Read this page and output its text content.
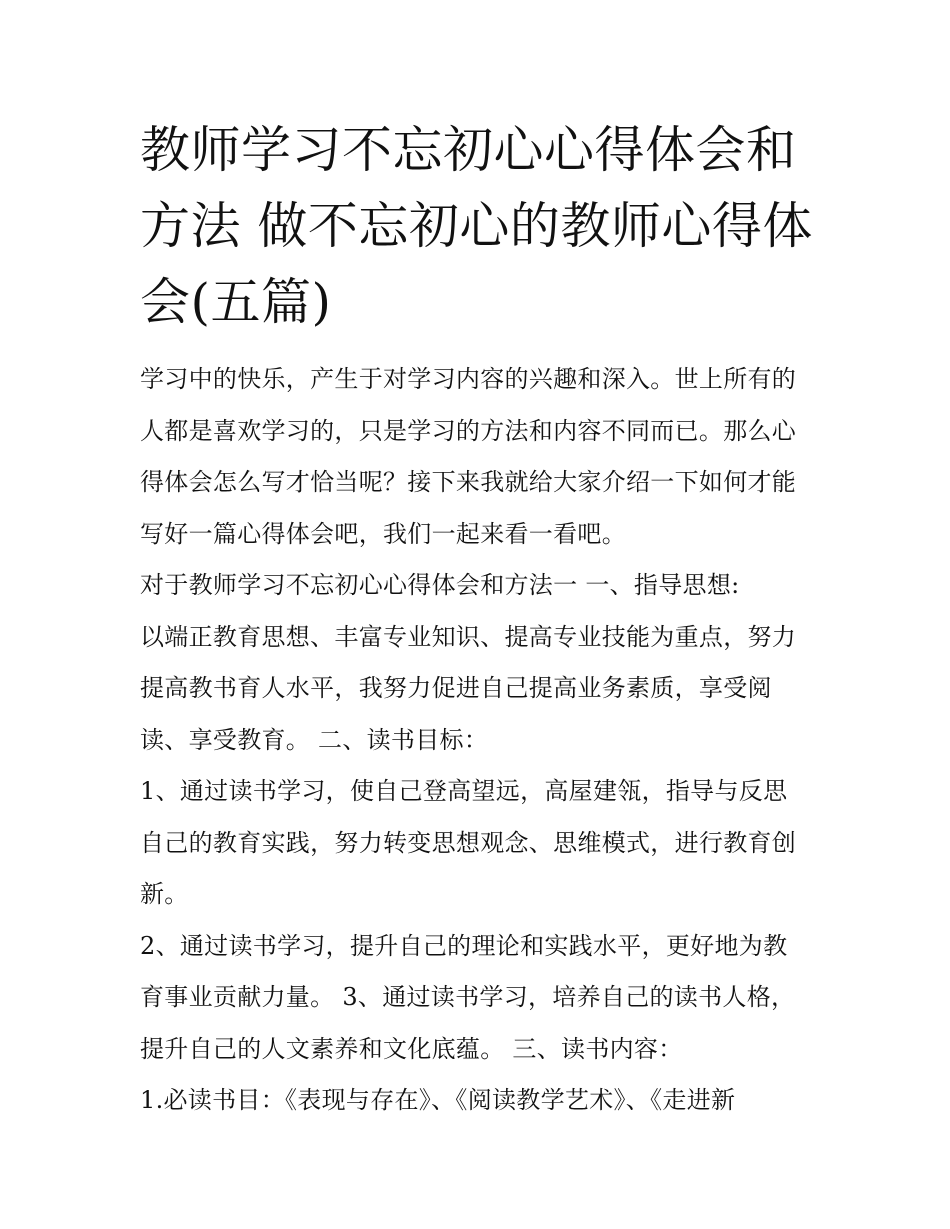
教师学习不忘初心心得体会和
方法 做不忘初心的教师心得体
会(五篇)

学习中的快乐，产生于对学习内容的兴趣和深入。世上所有的
人都是喜欢学习的，只是学习的方法和内容不同而已。那么心
得体会怎么写才恰当呢？接下来我就给大家介绍一下如何才能
写好一篇心得体会吧，我们一起来看一看吧。

对于教师学习不忘初心心得体会和方法一 一、指导思想:

以端正教育思想、丰富专业知识、提高专业技能为重点，努力
提高教书育人水平，我努力促进自己提高业务素质，享受阅
读、享受教育。 二、读书目标：

1、通过读书学习，使自己登高望远，高屋建瓴，指导与反思
自己的教育实践，努力转变思想观念、思维模式，进行教育创
新。

2、通过读书学习，提升自己的理论和实践水平，更好地为教
育事业贡献力量。 3、通过读书学习，培养自己的读书人格，
提升自己的人文素养和文化底蕴。 三、读书内容：

1.必读书目：《表现与存在》、《阅读教学艺术》、《走进新
